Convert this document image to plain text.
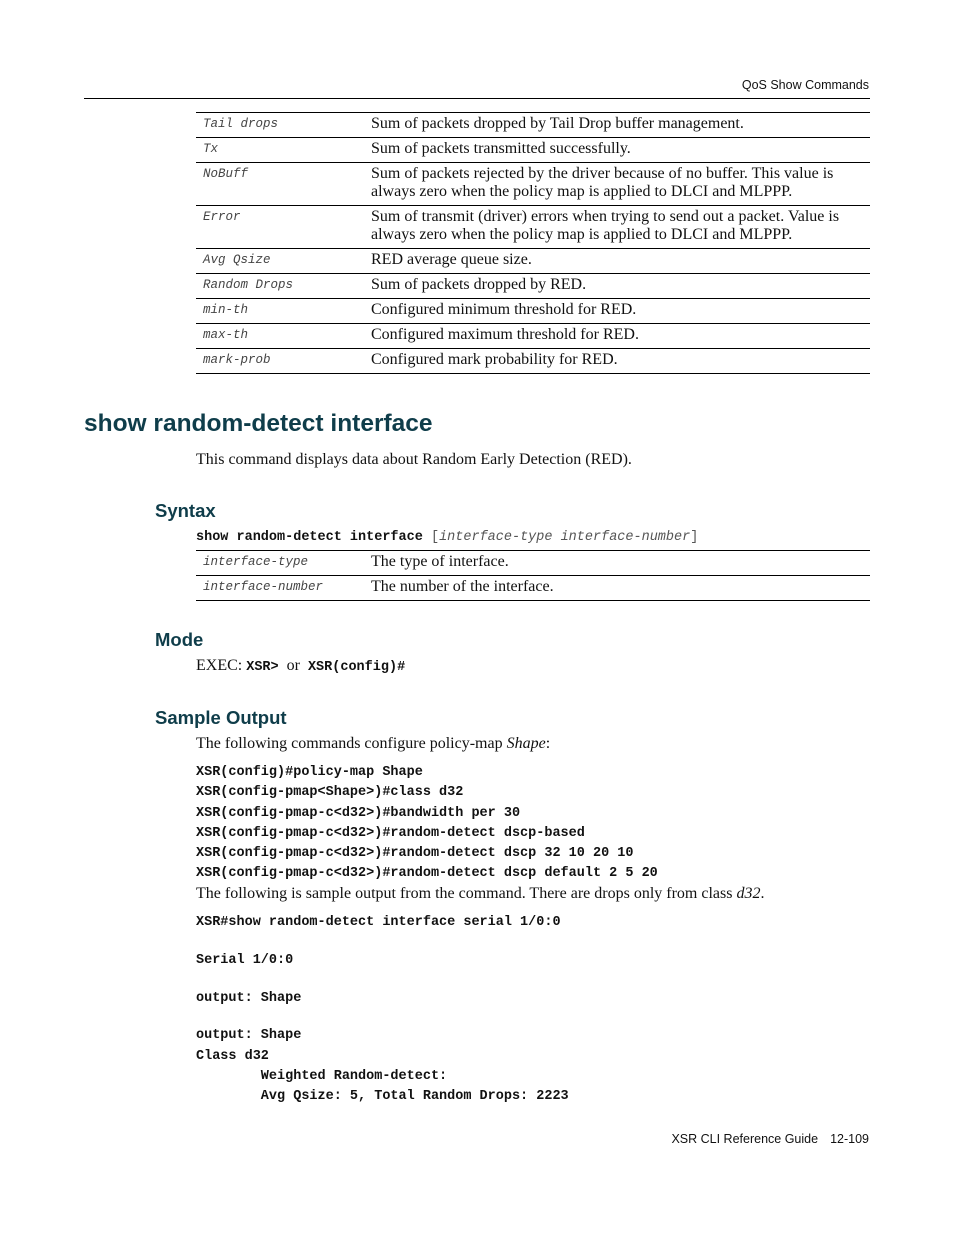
QoS Show Commands
Tail drops	Sum of packets dropped by Tail Drop buffer management.
Tx	Sum of packets transmitted successfully.
NoBuff	Sum of packets rejected by the driver because of no buffer. This value is always zero when the policy map is applied to DLCI and MLPPP.
Error	Sum of transmit (driver) errors when trying to send out a packet. Value is always zero when the policy map is applied to DLCI and MLPPP.
Avg Qsize	RED average queue size.
Random Drops	Sum of packets dropped by RED.
min-th	Configured minimum threshold for RED.
max-th	Configured maximum threshold for RED.
mark-prob	Configured mark probability for RED.
show random-detect interface
This command displays data about Random Early Detection (RED).
Syntax
show random-detect interface [interface-type interface-number]
interface-type	The type of interface.
interface-number	The number of the interface.
Mode
EXEC: XSR> or XSR(config)#
Sample Output
The following commands configure policy-map Shape:
XSR(config)#policy-map Shape
XSR(config-pmap<Shape>)#class d32
XSR(config-pmap-c<d32>)#bandwidth per 30
XSR(config-pmap-c<d32>)#random-detect dscp-based
XSR(config-pmap-c<d32>)#random-detect dscp 32 10 20 10
XSR(config-pmap-c<d32>)#random-detect dscp default 2 5 20
The following is sample output from the command. There are drops only from class d32.
XSR#show random-detect interface serial 1/0:0
Serial 1/0:0
output: Shape
output: Shape
Class d32
Weighted Random-detect:
Avg Qsize: 5, Total Random Drops: 2223
XSR CLI Reference Guide 12-109
